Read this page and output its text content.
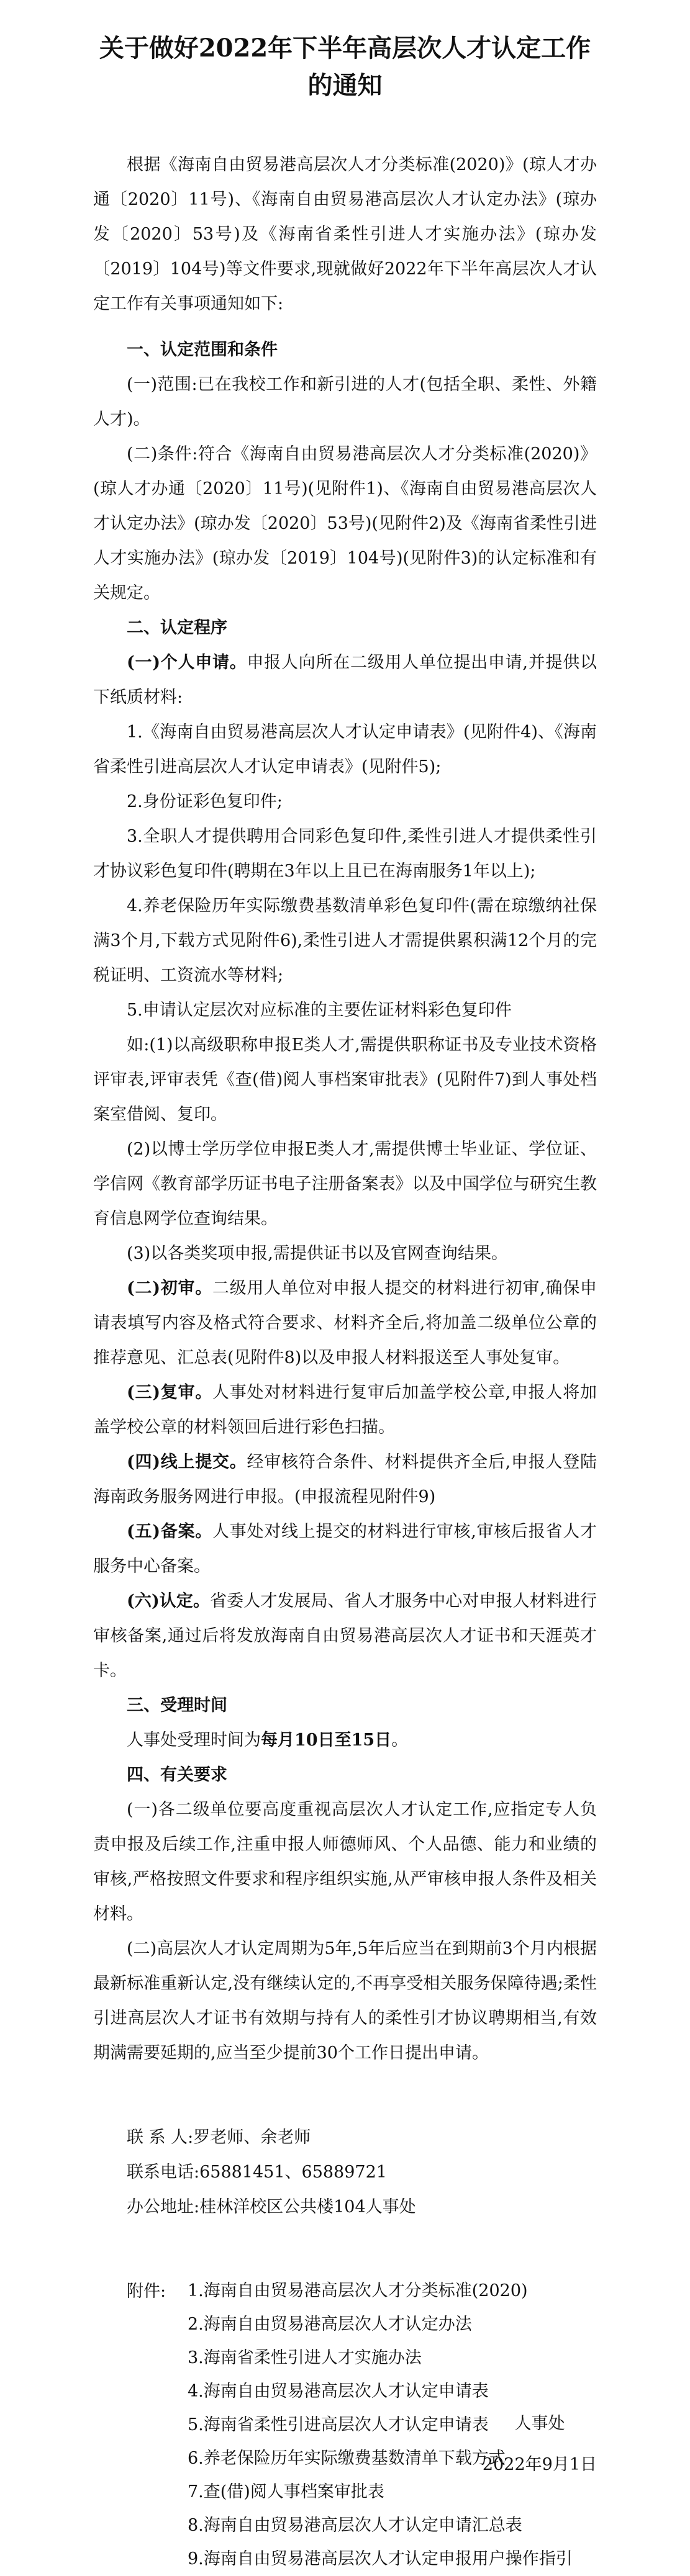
关于做好2022年下半年高层次人才认定工作的通知

根据《海南自由贸易港高层次人才分类标准(2020)》(琼人才办通〔2020〕11号)、《海南自由贸易港高层次人才认定办法》(琼办发〔2020〕53号)及《海南省柔性引进人才实施办法》(琼办发〔2019〕104号)等文件要求,现就做好2022年下半年高层次人才认定工作有关事项通知如下:

一、认定范围和条件

(一)范围:已在我校工作和新引进的人才(包括全职、柔性、外籍人才)。

(二)条件:符合《海南自由贸易港高层次人才分类标准(2020)》(琼人才办通〔2020〕11号)(见附件1)、《海南自由贸易港高层次人才认定办法》(琼办发〔2020〕53号)(见附件2)及《海南省柔性引进人才实施办法》(琼办发〔2019〕104号)(见附件3)的认定标准和有关规定。

二、认定程序

(一)个人申请。申报人向所在二级用人单位提出申请,并提供以下纸质材料:

1.《海南自由贸易港高层次人才认定申请表》(见附件4)、《海南省柔性引进高层次人才认定申请表》(见附件5);

2.身份证彩色复印件;

3.全职人才提供聘用合同彩色复印件,柔性引进人才提供柔性引才协议彩色复印件(聘期在3年以上且已在海南服务1年以上);

4.养老保险历年实际缴费基数清单彩色复印件(需在琼缴纳社保满3个月,下载方式见附件6),柔性引进人才需提供累积满12个月的完税证明、工资流水等材料;

5.申请认定层次对应标准的主要佐证材料彩色复印件

如:(1)以高级职称申报E类人才,需提供职称证书及专业技术资格评审表,评审表凭《查(借)阅人事档案审批表》(见附件7)到人事处档案室借阅、复印。

(2)以博士学历学位申报E类人才,需提供博士毕业证、学位证、学信网《教育部学历证书电子注册备案表》以及中国学位与研究生教育信息网学位查询结果。

(3)以各类奖项申报,需提供证书以及官网查询结果。

(二)初审。二级用人单位对申报人提交的材料进行初审,确保申请表填写内容及格式符合要求、材料齐全后,将加盖二级单位公章的推荐意见、汇总表(见附件8)以及申报人材料报送至人事处复审。

(三)复审。人事处对材料进行复审后加盖学校公章,申报人将加盖学校公章的材料领回后进行彩色扫描。

(四)线上提交。经审核符合条件、材料提供齐全后,申报人登陆海南政务服务网进行申报。(申报流程见附件9)

(五)备案。人事处对线上提交的材料进行审核,审核后报省人才服务中心备案。

(六)认定。省委人才发展局、省人才服务中心对申报人材料进行审核备案,通过后将发放海南自由贸易港高层次人才证书和天涯英才卡。

三、受理时间

人事处受理时间为每月10日至15日。

四、有关要求

(一)各二级单位要高度重视高层次人才认定工作,应指定专人负责申报及后续工作,注重申报人师德师风、个人品德、能力和业绩的审核,严格按照文件要求和程序组织实施,从严审核申报人条件及相关材料。

(二)高层次人才认定周期为5年,5年后应当在到期前3个月内根据最新标准重新认定,没有继续认定的,不再享受相关服务保障待遇;柔性引进高层次人才证书有效期与持有人的柔性引才协议聘期相当,有效期满需要延期的,应当至少提前30个工作日提出申请。

联 系 人:罗老师、余老师

联系电话:65881451、65889721

办公地址:桂林洋校区公共楼104人事处

附件:	1.海南自由贸易港高层次人才分类标准(2020)
2.海南自由贸易港高层次人才认定办法
3.海南省柔性引进人才实施办法
4.海南自由贸易港高层次人才认定申请表
5.海南省柔性引进高层次人才认定申请表
6.养老保险历年实际缴费基数清单下载方式
7.查(借)阅人事档案审批表
8.海南自由贸易港高层次人才认定申请汇总表
9.海南自由贸易港高层次人才认定申报用户操作指引
人事处
2022年9月1日
